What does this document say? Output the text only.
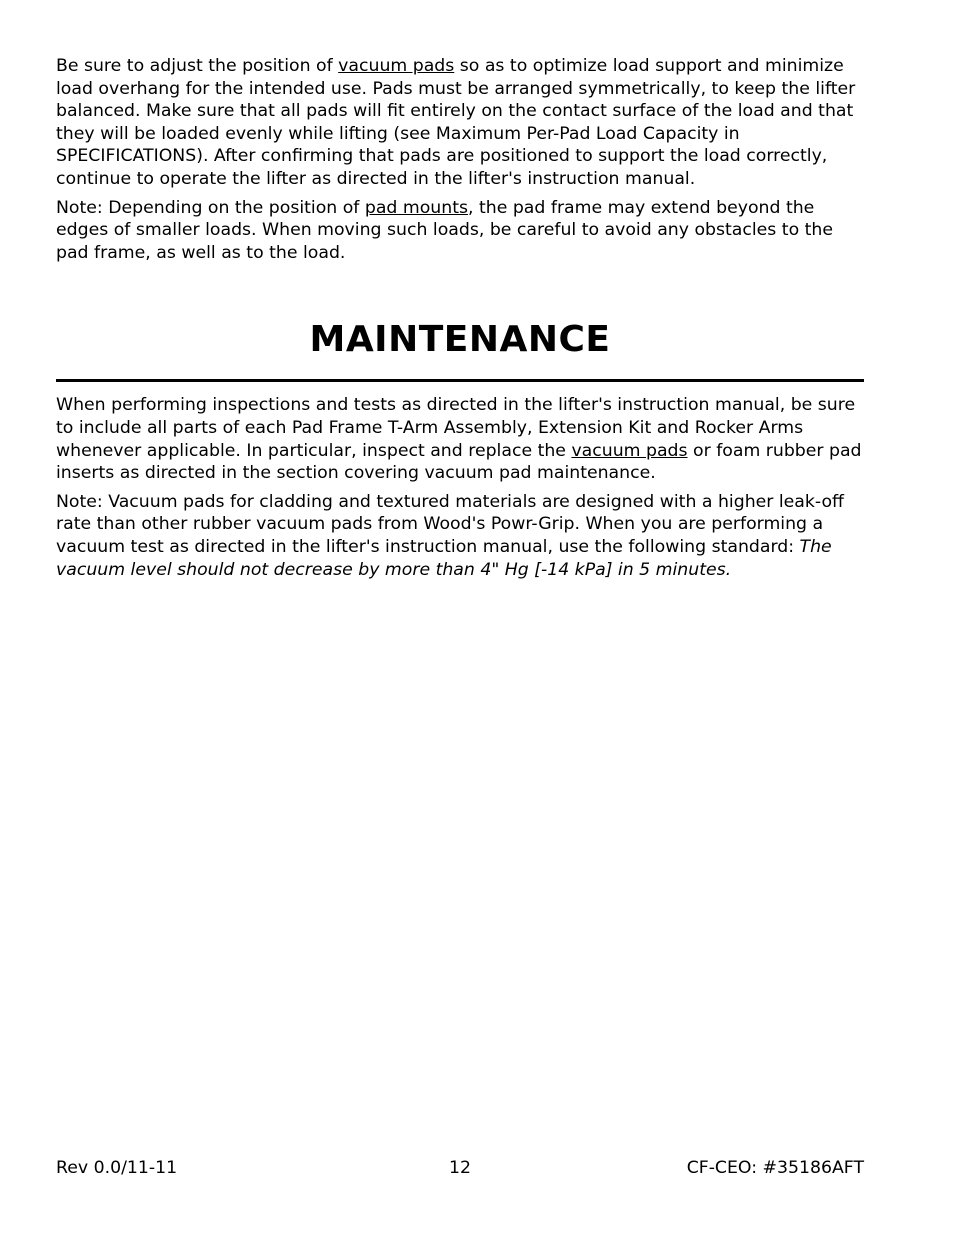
Be sure to adjust the position of vacuum pads so as to optimize load support and minimize load overhang for the intended use. Pads must be arranged symmetrically, to keep the lifter balanced. Make sure that all pads will fit entirely on the contact surface of the load and that they will be loaded evenly while lifting (see Maximum Per-Pad Load Capacity in SPECIFICATIONS). After confirming that pads are positioned to support the load correctly, continue to operate the lifter as directed in the lifter's instruction manual.

Note: Depending on the position of pad mounts, the pad frame may extend beyond the edges of smaller loads. When moving such loads, be careful to avoid any obstacles to the pad frame, as well as to the load.

MAINTENANCE

When performing inspections and tests as directed in the lifter's instruction manual, be sure to include all parts of each Pad Frame T-Arm Assembly, Extension Kit and Rocker Arms whenever applicable. In particular, inspect and replace the vacuum pads or foam rubber pad inserts as directed in the section covering vacuum pad maintenance.

Note: Vacuum pads for cladding and textured materials are designed with a higher leak-off rate than other rubber vacuum pads from Wood's Powr-Grip. When you are performing a vacuum test as directed in the lifter's instruction manual, use the following standard: The vacuum level should not decrease by more than 4" Hg [-14 kPa] in 5 minutes.

Rev 0.0/11-11	12	CF-CEO: #35186AFT
